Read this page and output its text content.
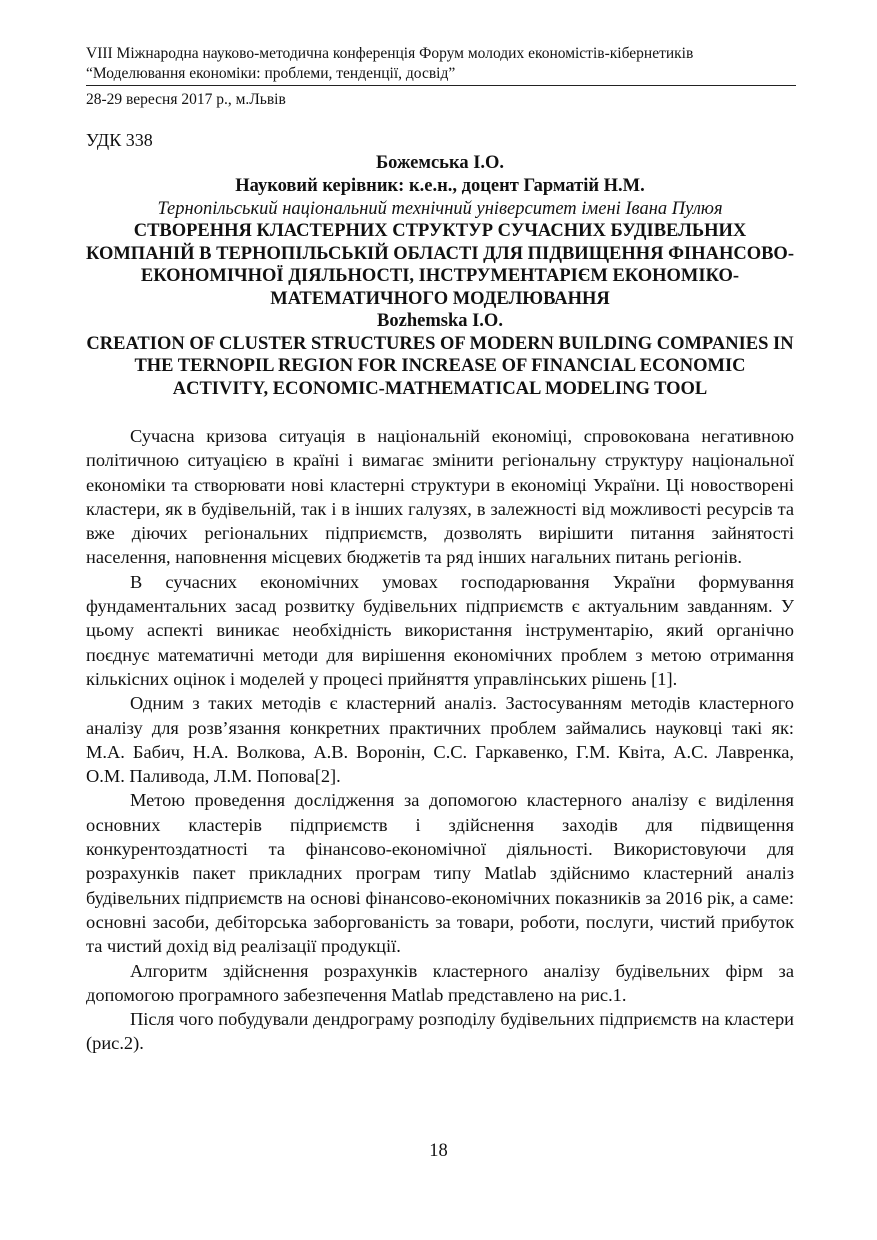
VIII Міжнародна науково-методична конференція Форум молодих економістів-кібернетиків
“Моделювання економіки: проблеми, тенденції, досвід”
28-29 вересня 2017 р., м.Львів
УДК 338
Божемська І.О.
Науковий керівник: к.е.н., доцент Гарматій Н.М.
Тернопільський національний технічний університет імені Івана Пулюя
СТВОРЕННЯ КЛАСТЕРНИХ СТРУКТУР СУЧАСНИХ БУДІВЕЛЬНИХ КОМПАНІЙ В ТЕРНОПІЛЬСЬКІЙ ОБЛАСТІ ДЛЯ ПІДВИЩЕННЯ ФІНАНСОВО-ЕКОНОМІЧНОЇ ДІЯЛЬНОСТІ, ІНСТРУМЕНТАРІЄМ ЕКОНОМІКО-МАТЕМАТИЧНОГО МОДЕЛЮВАННЯ
Bozhemska I.O.
CREATION OF CLUSTER STRUCTURES OF MODERN BUILDING COMPANIES IN THE TERNOPIL REGION FOR INCREASE OF FINANCIAL ECONOMIC ACTIVITY, ECONOMIC-MATHEMATICAL MODELING TOOL

Сучасна кризова ситуація в національній економіці, спровокована негативною політичною ситуацією в країні і вимагає змінити регіональну структуру національної економіки та створювати нові кластерні структури в економіці України. Ці новостворені кластери, як в будівельній, так і в інших галузях, в залежності від можливості ресурсів та вже діючих регіональних підприємств, дозволять вирішити питання зайнятості населення, наповнення місцевих бюджетів та ряд інших нагальних питань регіонів.

В сучасних економічних умовах господарювання України формування фундаментальних засад розвитку будівельних підприємств є актуальним завданням. У цьому аспекті виникає необхідність використання інструментарію, який органічно поєднує математичні методи для вирішення економічних проблем з метою отримання кількісних оцінок і моделей у процесі прийняття управлінських рішень [1].

Одним з таких методів є кластерний аналіз. Застосуванням методів кластерного аналізу для розв’язання конкретних практичних проблем займались науковці такі як: М.А. Бабич, Н.А. Волкова, А.В. Воронін, С.С. Гаркавенко, Г.М. Квіта, А.С. Лавренка, О.М. Паливода, Л.М. Попова[2].

Метою проведення дослідження за допомогою кластерного аналізу є виділення основних кластерів підприємств і здійснення заходів для підвищення конкурентоздатності та фінансово-економічної діяльності. Використовуючи для розрахунків пакет прикладних програм типу Matlab здійснимо кластерний аналіз будівельних підприємств на основі фінансово-економічних показників за 2016 рік, а саме: основні засоби, дебіторська заборгованість за товари, роботи, послуги, чистий прибуток та чистий дохід від реалізації продукції.

Алгоритм здійснення розрахунків кластерного аналізу будівельних фірм за допомогою програмного забезпечення Matlab представлено на рис.1.

Після чого побудували дендрограму розподілу будівельних підприємств на кластери (рис.2).

18
